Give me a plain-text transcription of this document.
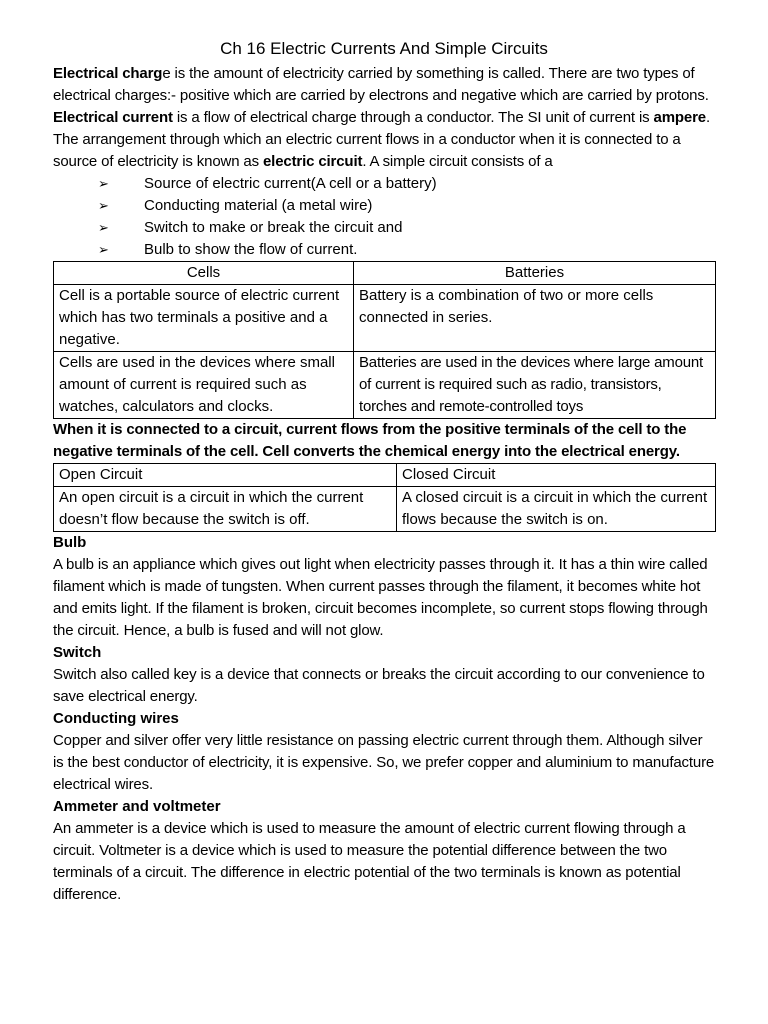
Ch 16 Electric Currents And Simple Circuits

Electrical charge is the amount of electricity carried by something is called. There are two types of electrical charges:- positive which are carried by electrons and negative which are carried by protons. Electrical current is a flow of electrical charge through a conductor. The SI unit of current is ampere.

The arrangement through which an electric current flows in a conductor when it is connected to a source of electricity is known as electric circuit. A simple circuit consists of a

➢ Source of electric current(A cell or a battery)
➢ Conducting material (a metal wire)
➢ Switch to make or break the circuit and
➢ Bulb to show the flow of current.
Cells	Batteries
Cell is a portable source of electric current which has two terminals a positive and a negative.	Battery is a combination of two or more cells connected in series.
Cells are used in the devices where small amount of current is required such as watches, calculators and clocks.	Batteries are used in the devices where large amount of current is required such as radio, transistors, torches and remote-controlled toys

When it is connected to a circuit, current flows from the positive terminals of the cell to the negative terminals of the cell. Cell converts the chemical energy into the electrical energy.

Open Circuit	Closed Circuit
An open circuit is a circuit in which the current doesn’t flow because the switch is off.	A closed circuit is a circuit in which the current flows because the switch is on.

Bulb

A bulb is an appliance which gives out light when electricity passes through it. It has a thin wire called filament which is made of tungsten. When current passes through the filament, it becomes white hot and emits light. If the filament is broken, circuit becomes incomplete, so current stops flowing through the circuit. Hence, a bulb is fused and will not glow.

Switch

Switch also called key is a device that connects or breaks the circuit according to our convenience to save electrical energy.

Conducting wires

Copper and silver offer very little resistance on passing electric current through them. Although silver is the best conductor of electricity, it is expensive. So, we prefer copper and aluminium to manufacture electrical wires.

Ammeter and voltmeter

An ammeter is a device which is used to measure the amount of electric current flowing through a circuit. Voltmeter is a device which is used to measure the potential difference between the two terminals of a circuit. The difference in electric potential of the two terminals is known as potential difference.
